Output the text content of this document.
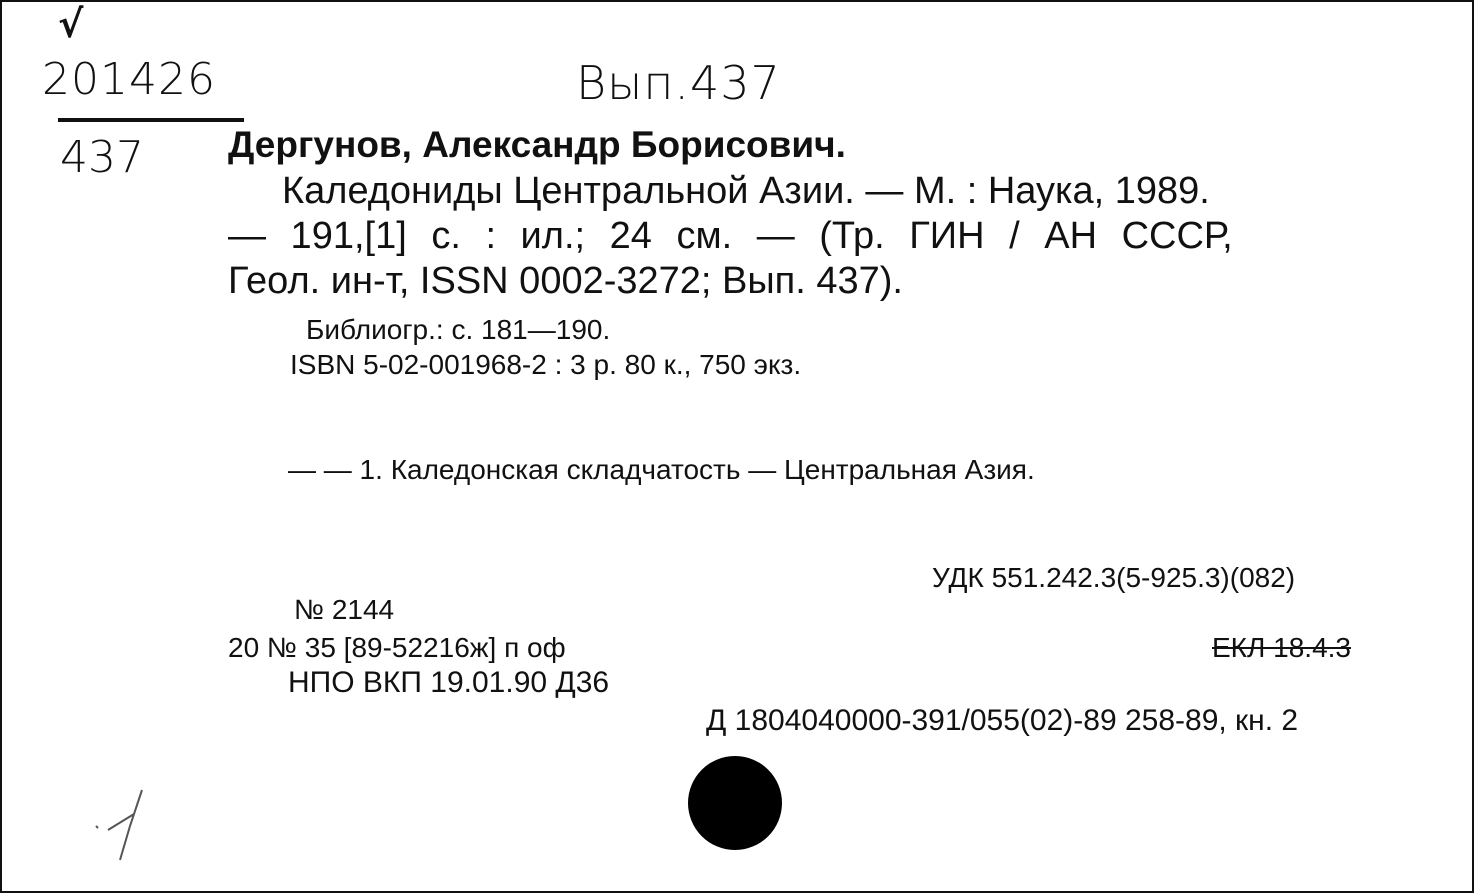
√
201426	Вып.437
437 Дергунов, Александр Борисович.
Каледониды Центральной Азии. — М. : Наука, 1989.
— 191,[1] с. : ил.; 24 см. — (Тр. ГИН / АН СССР,
Геол. ин-т, ISSN 0002-3272; Вып. 437).
Библиогр.: с. 181—190.
ISBN 5-02-001968-2 : 3 р. 80 к., 750 экз.
— — 1. Каледонская складчатость — Центральная Азия.
УДК 551.242.3(5-925.3)(082)
№ 2144
20 № 35 [89-52216ж] п оф	ЕКЛ 18.4.3
НПО ВКП 19.01.90 Д36
Д 1804040000-391/055(02)-89 258-89, кн. 2
